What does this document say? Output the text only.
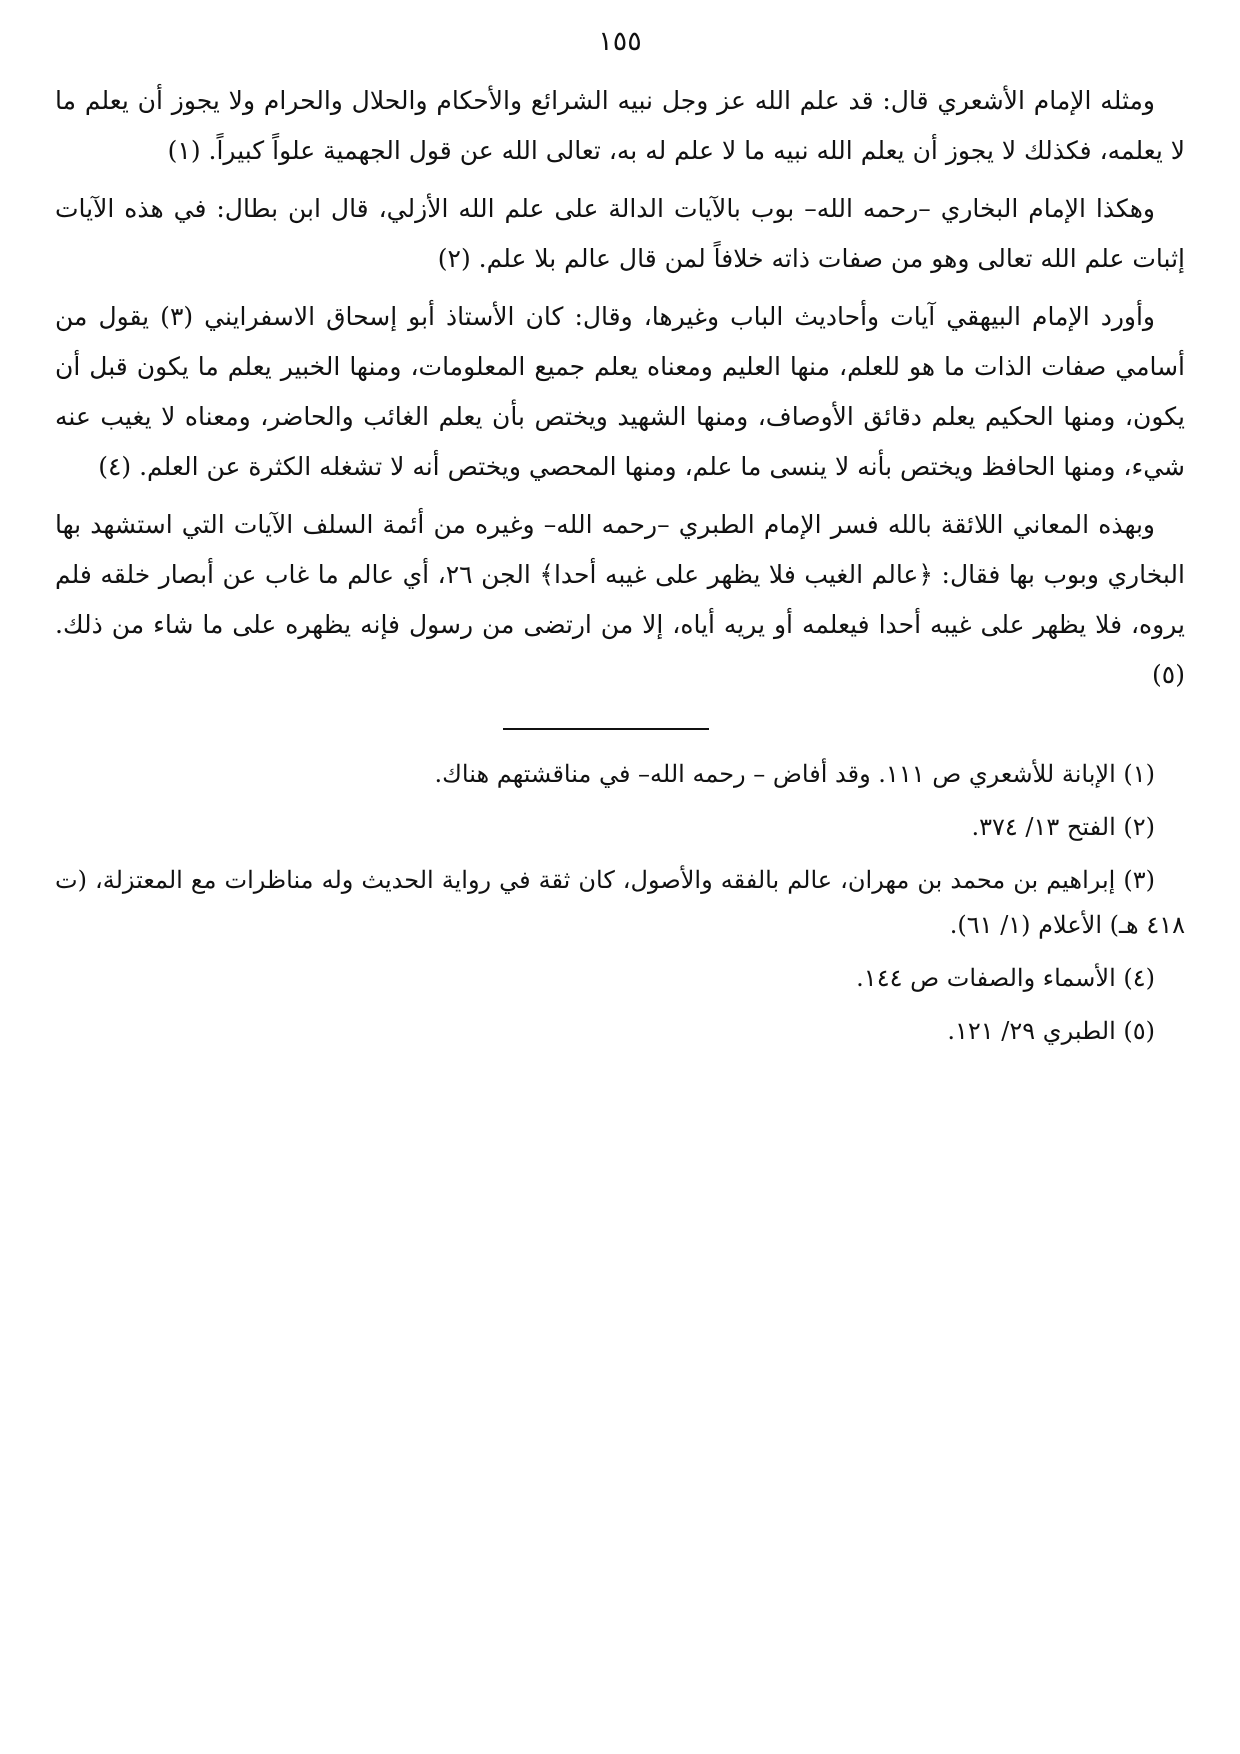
١٥٥

ومثله الإمام الأشعري قال: قد علم الله عز وجل نبيه الشرائع والأحكام والحلال والحرام ولا يجوز أن يعلم ما لا يعلمه، فكذلك لا يجوز أن يعلم الله نبيه ما لا علم له به، تعالى الله عن قول الجهمية علواً كبيراً. (١)

وهكذا الإمام البخاري –رحمه الله– بوب بالآيات الدالة على علم الله الأزلي، قال ابن بطال: في هذه الآيات إثبات علم الله تعالى وهو من صفات ذاته خلافاً لمن قال عالم بلا علم. (٢)

وأورد الإمام البيهقي آيات وأحاديث الباب وغيرها، وقال: كان الأستاذ أبو إسحاق الاسفرايني (٣) يقول من أسامي صفات الذات ما هو للعلم، منها العليم ومعناه يعلم جميع المعلومات، ومنها الخبير يعلم ما يكون قبل أن يكون، ومنها الحكيم يعلم دقائق الأوصاف، ومنها الشهيد ويختص بأن يعلم الغائب والحاضر، ومعناه لا يغيب عنه شيء، ومنها الحافظ ويختص بأنه لا ينسى ما علم، ومنها المحصي ويختص أنه لا تشغله الكثرة عن العلم. (٤)

وبهذه المعاني اللائقة بالله فسر الإمام الطبري –رحمه الله– وغيره من أئمة السلف الآيات التي استشهد بها البخاري وبوب بها فقال: ﴿عالم الغيب فلا يظهر على غيبه أحدا﴾ الجن ٢٦، أي عالم ما غاب عن أبصار خلقه فلم يروه، فلا يظهر على غيبه أحدا فيعلمه أو يريه أياه، إلا من ارتضى من رسول فإنه يظهره على ما شاء من ذلك. (٥)

(١) الإبانة للأشعري ص ١١١. وقد أفاض – رحمه الله– في مناقشتهم هناك.

(٢) الفتح ١٣/ ٣٧٤.

(٣) إبراهيم بن محمد بن مهران، عالم بالفقه والأصول، كان ثقة في رواية الحديث وله مناظرات مع المعتزلة، (ت ٤١٨ هـ) الأعلام (١/ ٦١).

(٤) الأسماء والصفات ص ١٤٤.

(٥) الطبري ٢٩/ ١٢١.
